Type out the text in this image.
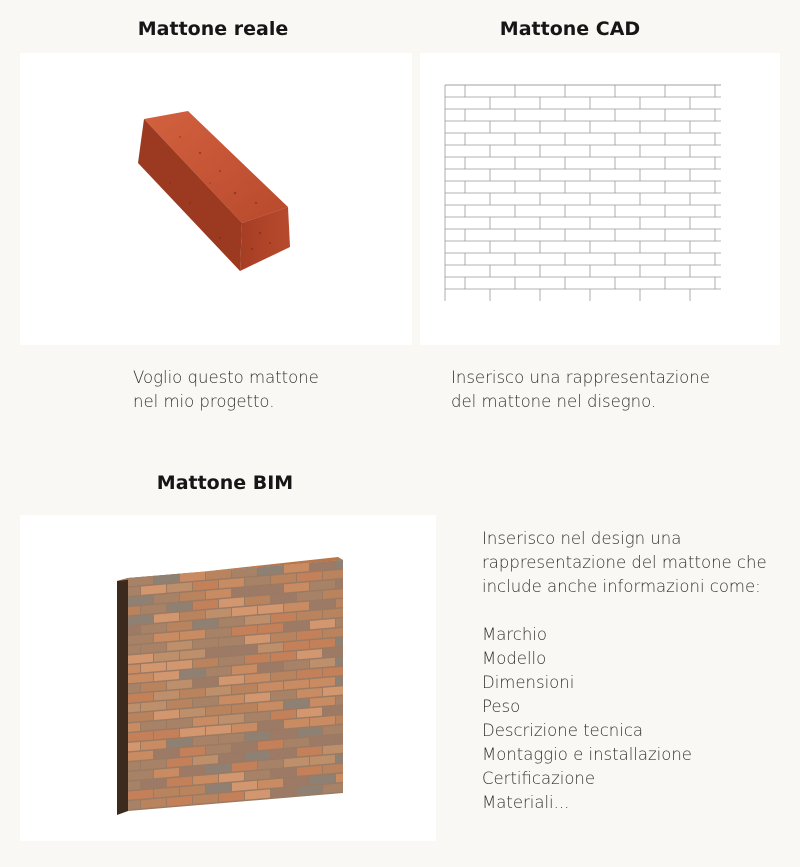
Mattone reale	Mattone CAD
Mattone BIM

Voglio questo mattone

nel mio progetto.

Inserisco una rappresentazione

del mattone nel disegno.

Inserisco nel design una

rappresentazione del mattone che

include anche informazioni come:

Marchio
Modello
Dimensioni
Peso
Descrizione tecnica
Montaggio e installazione
Certificazione
Materiali...
